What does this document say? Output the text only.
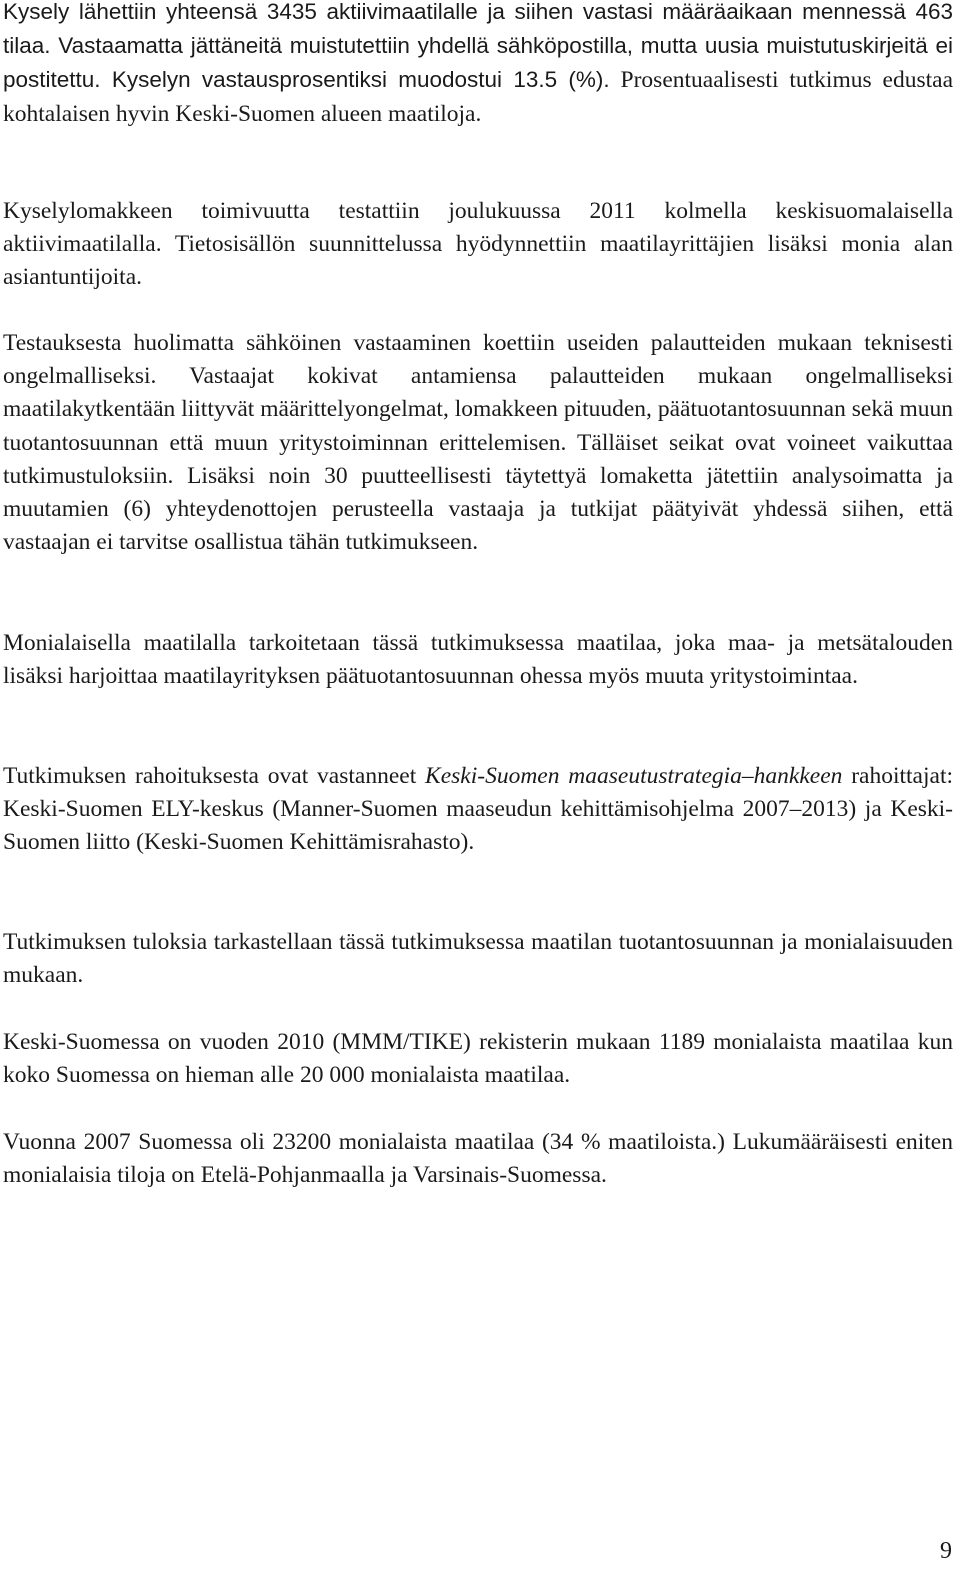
Kysely lähettiin yhteensä 3435 aktiivimaatilalle ja siihen vastasi määräaikaan mennessä 463 tilaa. Vastaamatta jättäneitä muistutettiin yhdellä sähköpostilla, mutta uusia muistutuskirjeitä ei postitettu. Kyselyn vastausprosentiksi muodostui 13.5 (%). Prosentuaalisesti tutkimus edustaa kohtalaisen hyvin Keski-Suomen alueen maatiloja.

Kyselylomakkeen toimivuutta testattiin joulukuussa 2011 kolmella keskisuomalaisella aktiivimaatilalla. Tietosisällön suunnittelussa hyödynnettiin maatilayrittäjien lisäksi monia alan asiantuntijoita.

Testauksesta huolimatta sähköinen vastaaminen koettiin useiden palautteiden mukaan teknisesti ongelmalliseksi. Vastaajat kokivat antamiensa palautteiden mukaan ongelmalliseksi maatilakytkentään liittyvät määrittelyongelmat, lomakkeen pituuden, päätuotantosuunnan sekä muun tuotantosuunnan että muun yritystoiminnan erittelemisen. Tälläiset seikat ovat voineet vaikuttaa tutkimustuloksiin. Lisäksi noin 30 puutteellisesti täytettyä lomaketta jätettiin analysoimatta ja muutamien (6) yhteydenottojen perusteella vastaaja ja tutkijat päätyivät yhdessä siihen, että vastaajan ei tarvitse osallistua tähän tutkimukseen.

Monialaisella maatilalla tarkoitetaan tässä tutkimuksessa maatilaa, joka maa- ja metsätalouden lisäksi harjoittaa maatilayrityksen päätuotantosuunnan ohessa myös muuta yritystoimintaa.

Tutkimuksen rahoituksesta ovat vastanneet Keski-Suomen maaseutustrategia–hankkeen rahoittajat: Keski-Suomen ELY-keskus (Manner-Suomen maaseudun kehittämisohjelma 2007–2013) ja Keski-Suomen liitto (Keski-Suomen Kehittämisrahasto).

Tutkimuksen tuloksia tarkastellaan tässä tutkimuksessa maatilan tuotantosuunnan ja monialaisuuden mukaan.

Keski-Suomessa on vuoden 2010 (MMM/TIKE) rekisterin mukaan 1189 monialaista maatilaa kun koko Suomessa on hieman alle 20 000 monialaista maatilaa.

Vuonna 2007 Suomessa oli 23200 monialaista maatilaa (34 % maatiloista.) Lukumääräisesti eniten monialaisia tiloja on Etelä-Pohjanmaalla ja Varsinais-Suomessa.

9
